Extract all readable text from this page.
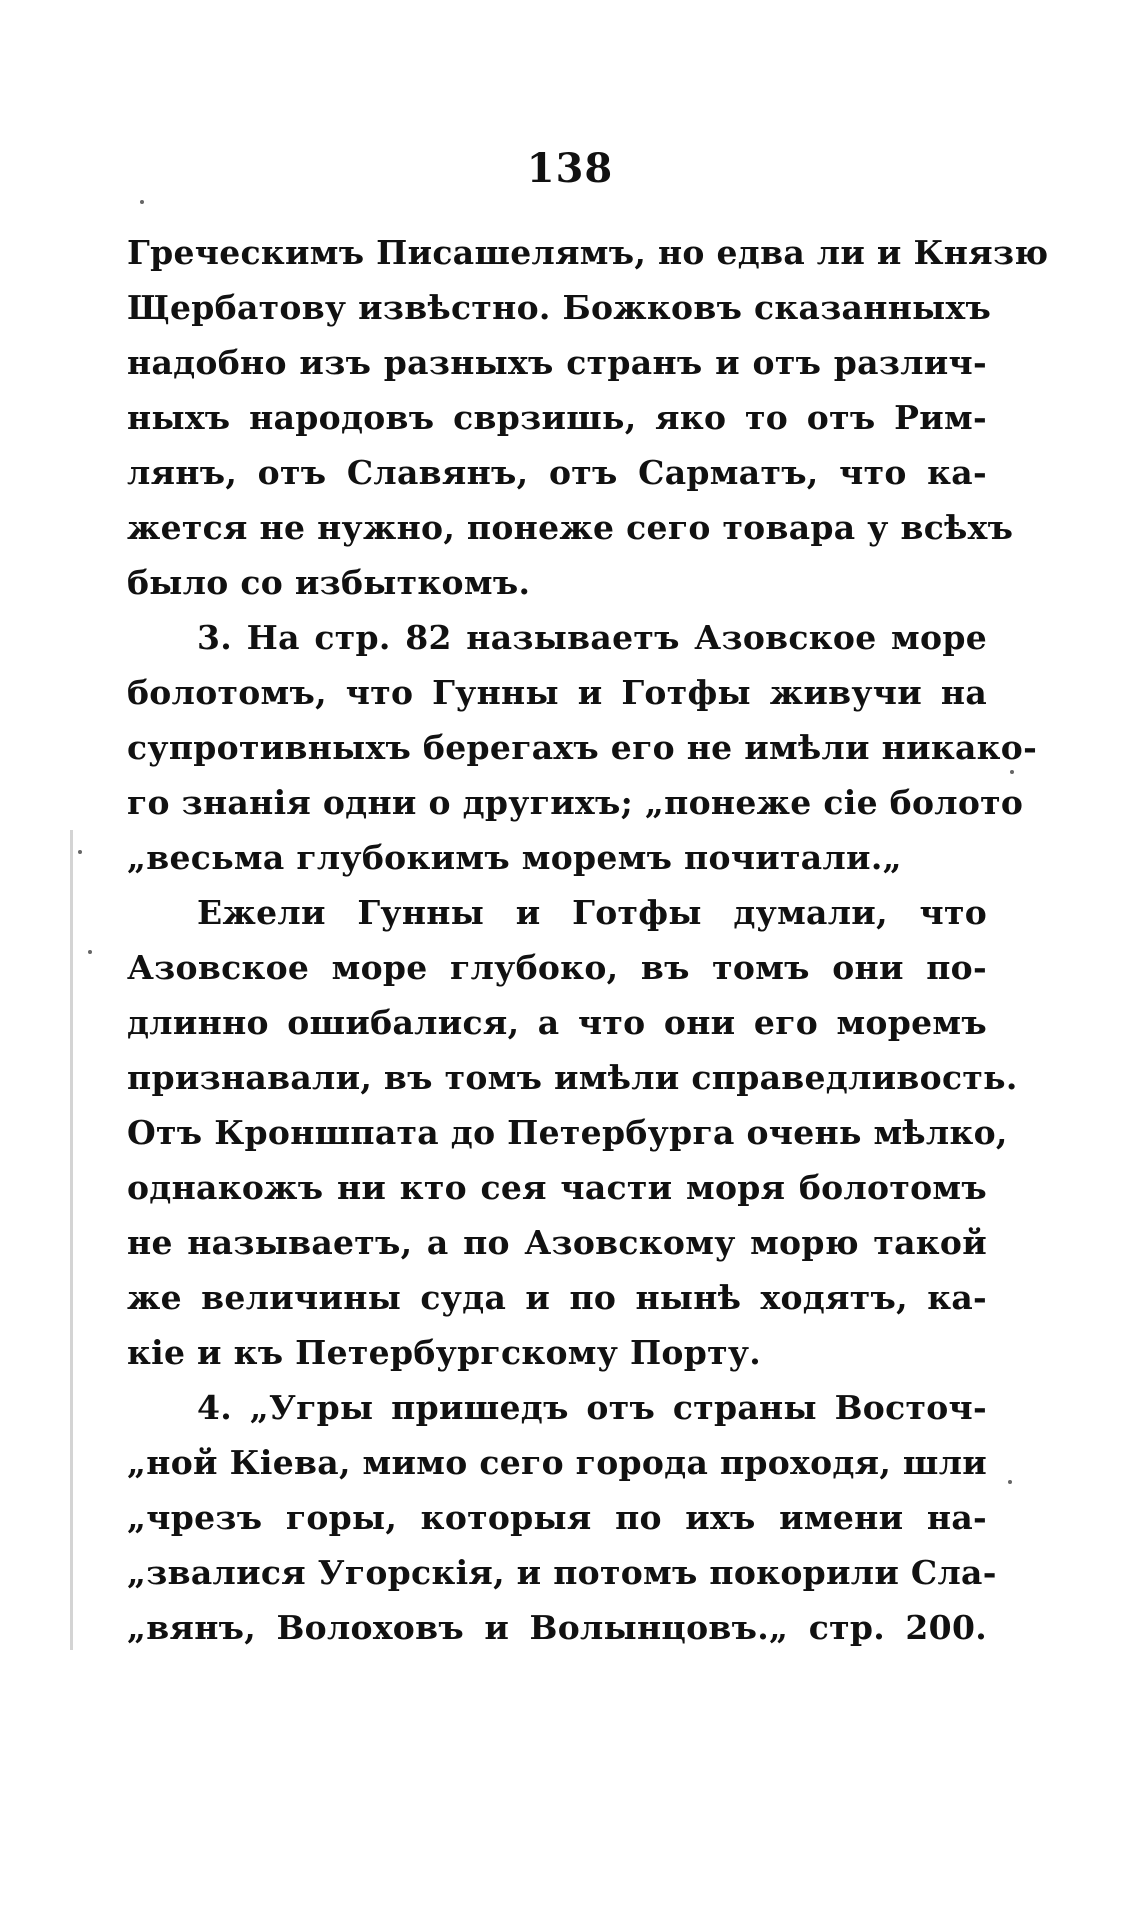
138
Греческимъ Писашелямъ, но едва ли и Князю
Щербатову извѣстно. Божковъ сказанныхъ
надобно изъ разныхъ странъ и отъ различ-
ныхъ народовъ сврзишь, яко то отъ Рим-
лянъ, отъ Славянъ, отъ Сарматъ, что ка-
жется не нужно, понеже сего товара у всѣхъ
было со избыткомъ.
3. На стр. 82 называетъ Азовское море
болотомъ, что Гунны и Готфы живучи на
супротивныхъ берегахъ его не имѣли никако-
го знанія одни о другихъ; „понеже сіе болото
„весьма глубокимъ моремъ почитали.„
Ежели Гунны и Готфы думали, что
Азовское море глубоко, въ томъ они по-
длинно ошибалися, а что они его моремъ
признавали, въ томъ имѣли справедливость.
Отъ Кроншпата до Петербурга очень мѣлко,
однакожъ ни кто сея части моря болотомъ
не называетъ, а по Азовскому морю такой
же величины суда и по нынѣ ходятъ, ка-
кіе и къ Петербургскому Порту.
4. „Угры пришедъ отъ страны Восточ-
„ной Кіева, мимо сего города проходя, шли
„чрезъ горы, которыя по ихъ имени на-
„звалися Угорскія, и потомъ покорили Сла-
„вянъ, Волоховъ и Волынцовъ.„ стр. 200.
